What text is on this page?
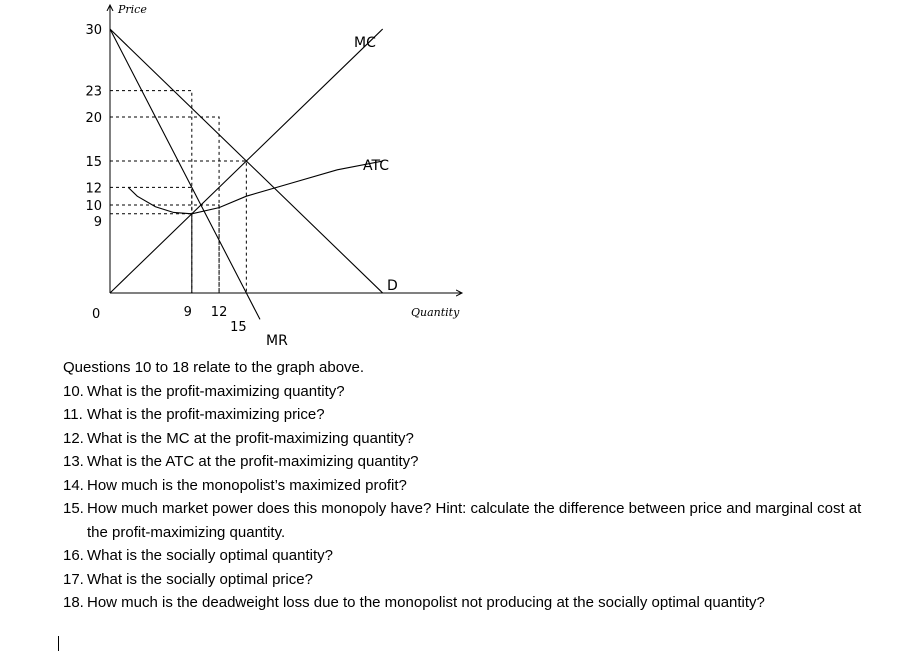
Price
Quantity
MC
ATC
D
MR
30
23
20
15
12
10
9
0	9 12
15

Questions 10 to 18 relate to the graph above.

10. What is the profit-maximizing quantity?
11. What is the profit-maximizing price?
12. What is the MC at the profit-maximizing quantity?
13. What is the ATC at the profit-maximizing quantity?
14. How much is the monopolist’s maximized profit?
15. How much market power does this monopoly have? Hint: calculate the difference between price and marginal cost at the profit-maximizing quantity.
16. What is the socially optimal quantity?
17. What is the socially optimal price?
18. How much is the deadweight loss due to the monopolist not producing at the socially optimal quantity?
